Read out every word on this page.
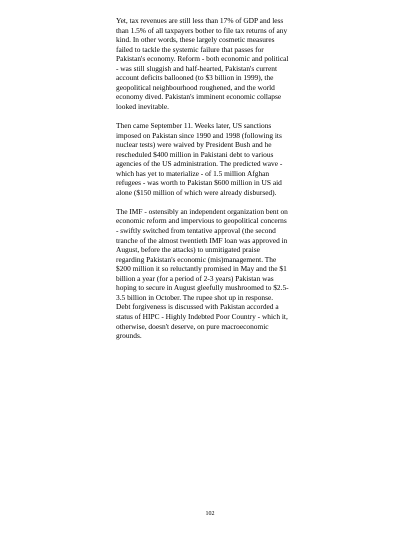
Yet, tax revenues are still less than 17% of GDP and less
than 1.5% of all taxpayers bother to file tax returns of any
kind. In other words, these largely cosmetic measures
failed to tackle the systemic failure that passes for
Pakistan's economy. Reform - both economic and political
- was still sluggish and half-hearted, Pakistan's current
account deficits ballooned (to $3 billion in 1999), the
geopolitical neighbourhood roughened, and the world
economy dived. Pakistan's imminent economic collapse
looked inevitable.

Then came September 11. Weeks later, US sanctions
imposed on Pakistan since 1990 and 1998 (following its
nuclear tests) were waived by President Bush and he
rescheduled $400 million in Pakistani debt to various
agencies of the US administration. The predicted wave -
which has yet to materialize - of 1.5 million Afghan
refugees - was worth to Pakistan $600 million in US aid
alone ($150 million of which were already disbursed).

The IMF - ostensibly an independent organization bent on
economic reform and impervious to geopolitical concerns
- swiftly switched from tentative approval (the second
tranche of the almost twentieth IMF loan was approved in
August, before the attacks) to unmitigated praise
regarding Pakistan's economic (mis)management. The
$200 million it so reluctantly promised in May and the $1
billion a year (for a period of 2-3 years) Pakistan was
hoping to secure in August gleefully mushroomed to $2.5-
3.5 billion in October. The rupee shot up in response.
Debt forgiveness is discussed with Pakistan accorded a
status of HIPC - Highly Indebted Poor Country - which it,
otherwise, doesn't deserve, on pure macroeconomic
grounds.

102
